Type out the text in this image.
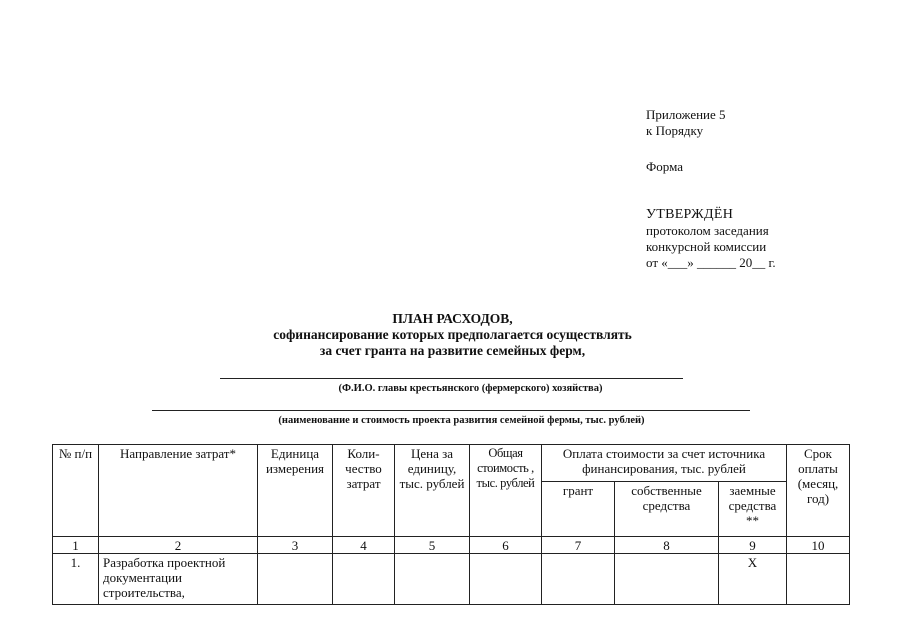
Приложение 5
к Порядку
Форма
УТВЕРЖДЁН
протоколом заседания
конкурсной комиссии
от «___» ______ 20__ г.
ПЛАН РАСХОДОВ,
софинансирование которых предполагается осуществлять
за счет гранта на развитие семейных ферм,
(Ф.И.О. главы крестьянского (фермерского) хозяйства)
(наименование и стоимость проекта развития семейной фермы, тыс. рублей)
№ п/п	Направление затрат*	Единица измерения	Коли-чество затрат	Цена за единицу, тыс. рублей	Общая стоимость , тыс. рублей	Оплата стоимости за счет источника финансирования, тыс. рублей			Срок оплаты (месяц, год)
						грант	собственные средства	заемные средства **	
1	2	3	4	5	6	7	8	9	10
1.	Разработка проектной документации строительства,							Х	
